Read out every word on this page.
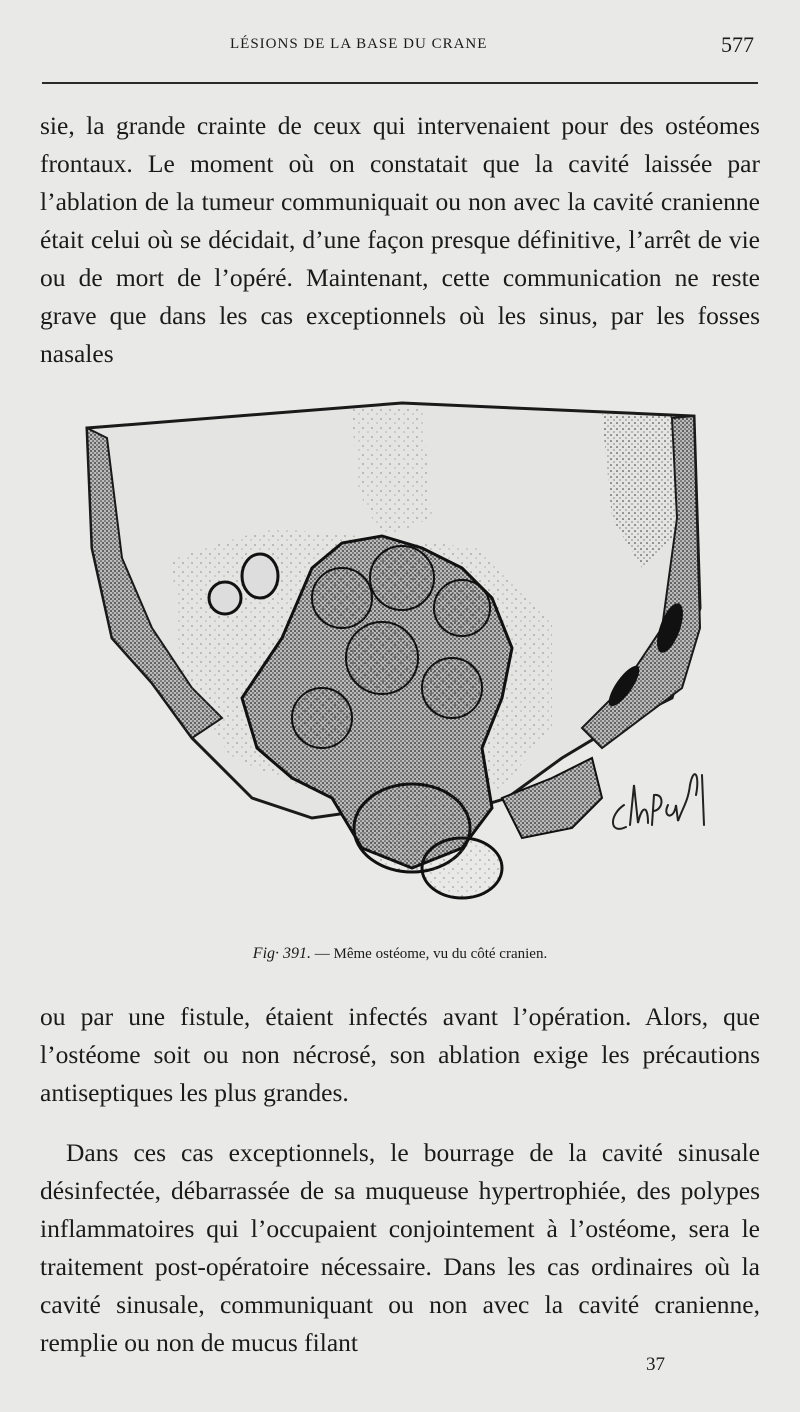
LÉSIONS DE LA BASE DU CRANE	577

sie, la grande crainte de ceux qui intervenaient pour des ostéomes frontaux. Le moment où on constatait que la cavité laissée par l’ablation de la tumeur communiquait ou non avec la cavité cranienne était celui où se décidait, d’une façon presque définitive, l’arrêt de vie ou de mort de l’opéré. Maintenant, cette communication ne reste grave que dans les cas exceptionnels où les sinus, par les fosses nasales

Fig· 391. — Même ostéome, vu du côté cranien.

ou par une fistule, étaient infectés avant l’opération. Alors, que l’ostéome soit ou non nécrosé, son ablation exige les précautions antiseptiques les plus grandes.

Dans ces cas exceptionnels, le bourrage de la cavité sinusale désinfectée, débarrassée de sa muqueuse hypertrophiée, des polypes inflammatoires qui l’occupaient conjointement à l’ostéome, sera le traitement post-opératoire nécessaire. Dans les cas ordinaires où la cavité sinusale, communiquant ou non avec la cavité cranienne, remplie ou non de mucus filant

37
